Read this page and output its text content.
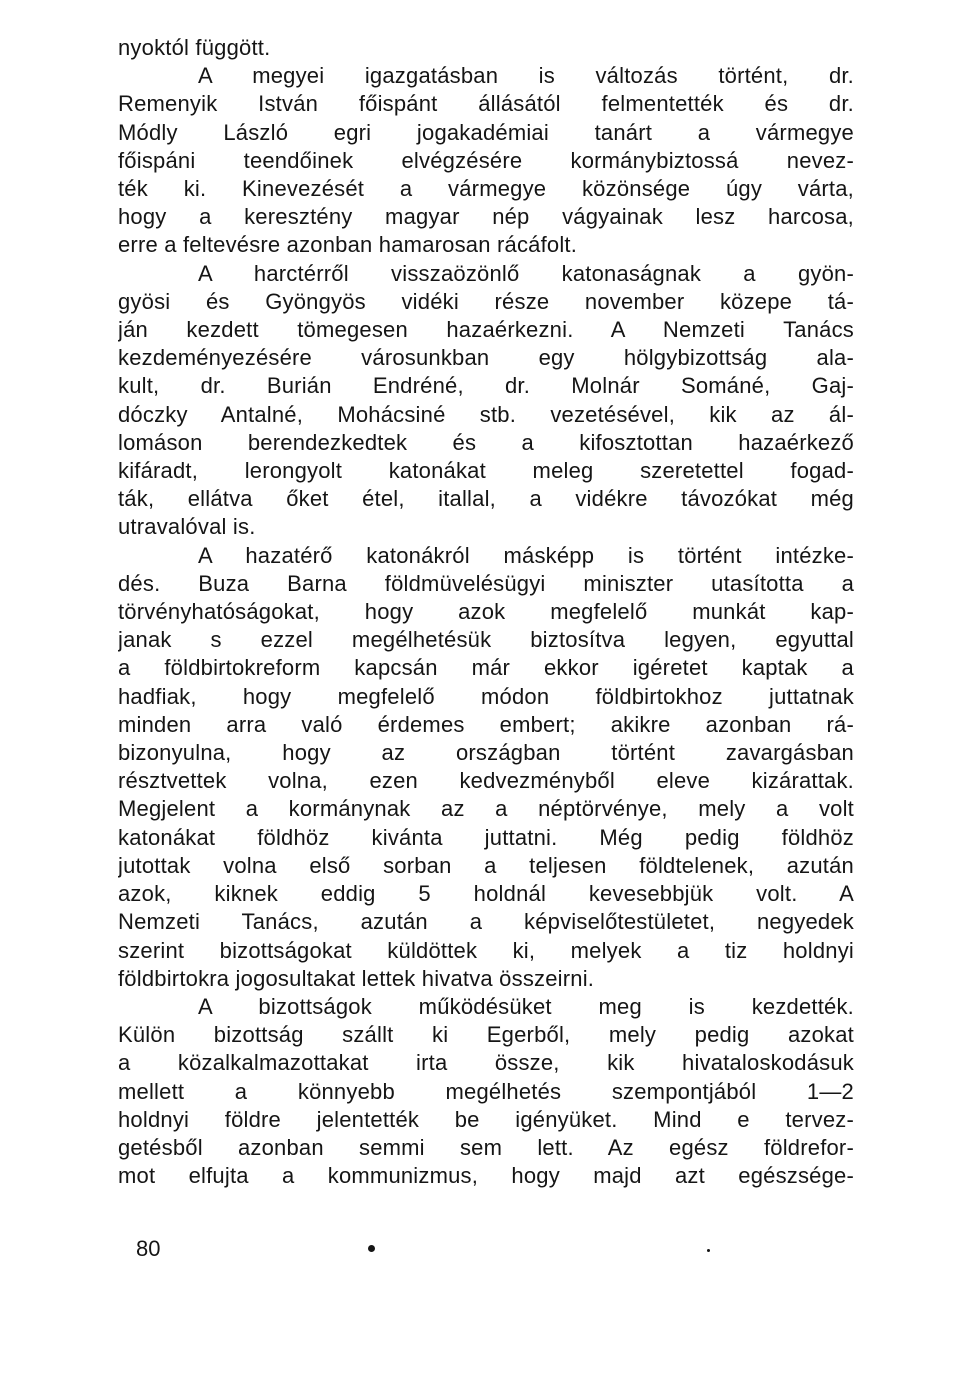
nyoktól függött.
A megyei igazgatásban is változás történt, dr.
Remenyik István főispánt állásától felmentették és dr.
Módly László egri jogakadémiai tanárt a vármegye
főispáni teendőinek elvégzésére kormánybiztossá nevez-
ték ki. Kinevezését a vármegye közönsége úgy várta,
hogy a keresztény magyar nép vágyainak lesz harcosa,
erre a feltevésre azonban hamarosan rácáfolt.
A harctérről visszaözönlő katonaságnak a gyön-
gyösi és Gyöngyös vidéki része november közepe tá-
ján kezdett tömegesen hazaérkezni. A Nemzeti Tanács
kezdeményezésére városunkban egy hölgybizottság ala-
kult, dr. Burián Endréné, dr. Molnár Sománé, Gaj-
dóczky Antalné, Mohácsiné stb. vezetésével, kik az ál-
lomáson berendezkedtek és a kifosztottan hazaérkező
kifáradt, lerongyolt katonákat meleg szeretettel fogad-
ták, ellátva őket étel, itallal, a vidékre távozókat még
utravalóval is.
A hazatérő katonákról másképp is történt intézke-
dés. Buza Barna földmüvelésügyi miniszter utasította a
törvényhatóságokat, hogy azok megfelelő munkát kap-
janak s ezzel megélhetésük biztosítva legyen, egyuttal
a földbirtokreform kapcsán már ekkor igéretet kaptak a
hadfiak, hogy megfelelő módon földbirtokhoz juttatnak
minden arra való érdemes embert; akikre azonban rá-
bizonyulna, hogy az országban történt zavargásban
résztvettek volna, ezen kedvezményből eleve kizárattak.
Megjelent a kormánynak az a néptörvénye, mely a volt
katonákat földhöz kivánta juttatni. Még pedig földhöz
jutottak volna első sorban a teljesen földtelenek, azután
azok, kiknek eddig 5 holdnál kevesebbjük volt. A
Nemzeti Tanács, azután a képviselőtestületet, negyedek
szerint bizottságokat küldöttek ki, melyek a tiz holdnyi
földbirtokra jogosultakat lettek hivatva összeirni.
A bizottságok működésüket meg is kezdették.
Külön bizottság szállt ki Egerből, mely pedig azokat
a közalkalmazottakat irta össze, kik hivataloskodásuk
mellett a könnyebb megélhetés szempontjából 1—2
holdnyi földre jelentették be igényüket. Mind e tervez-
getésből azonban semmi sem lett. Az egész földrefor-
mot elfujta a kommunizmus, hogy majd azt egészsége-
80
